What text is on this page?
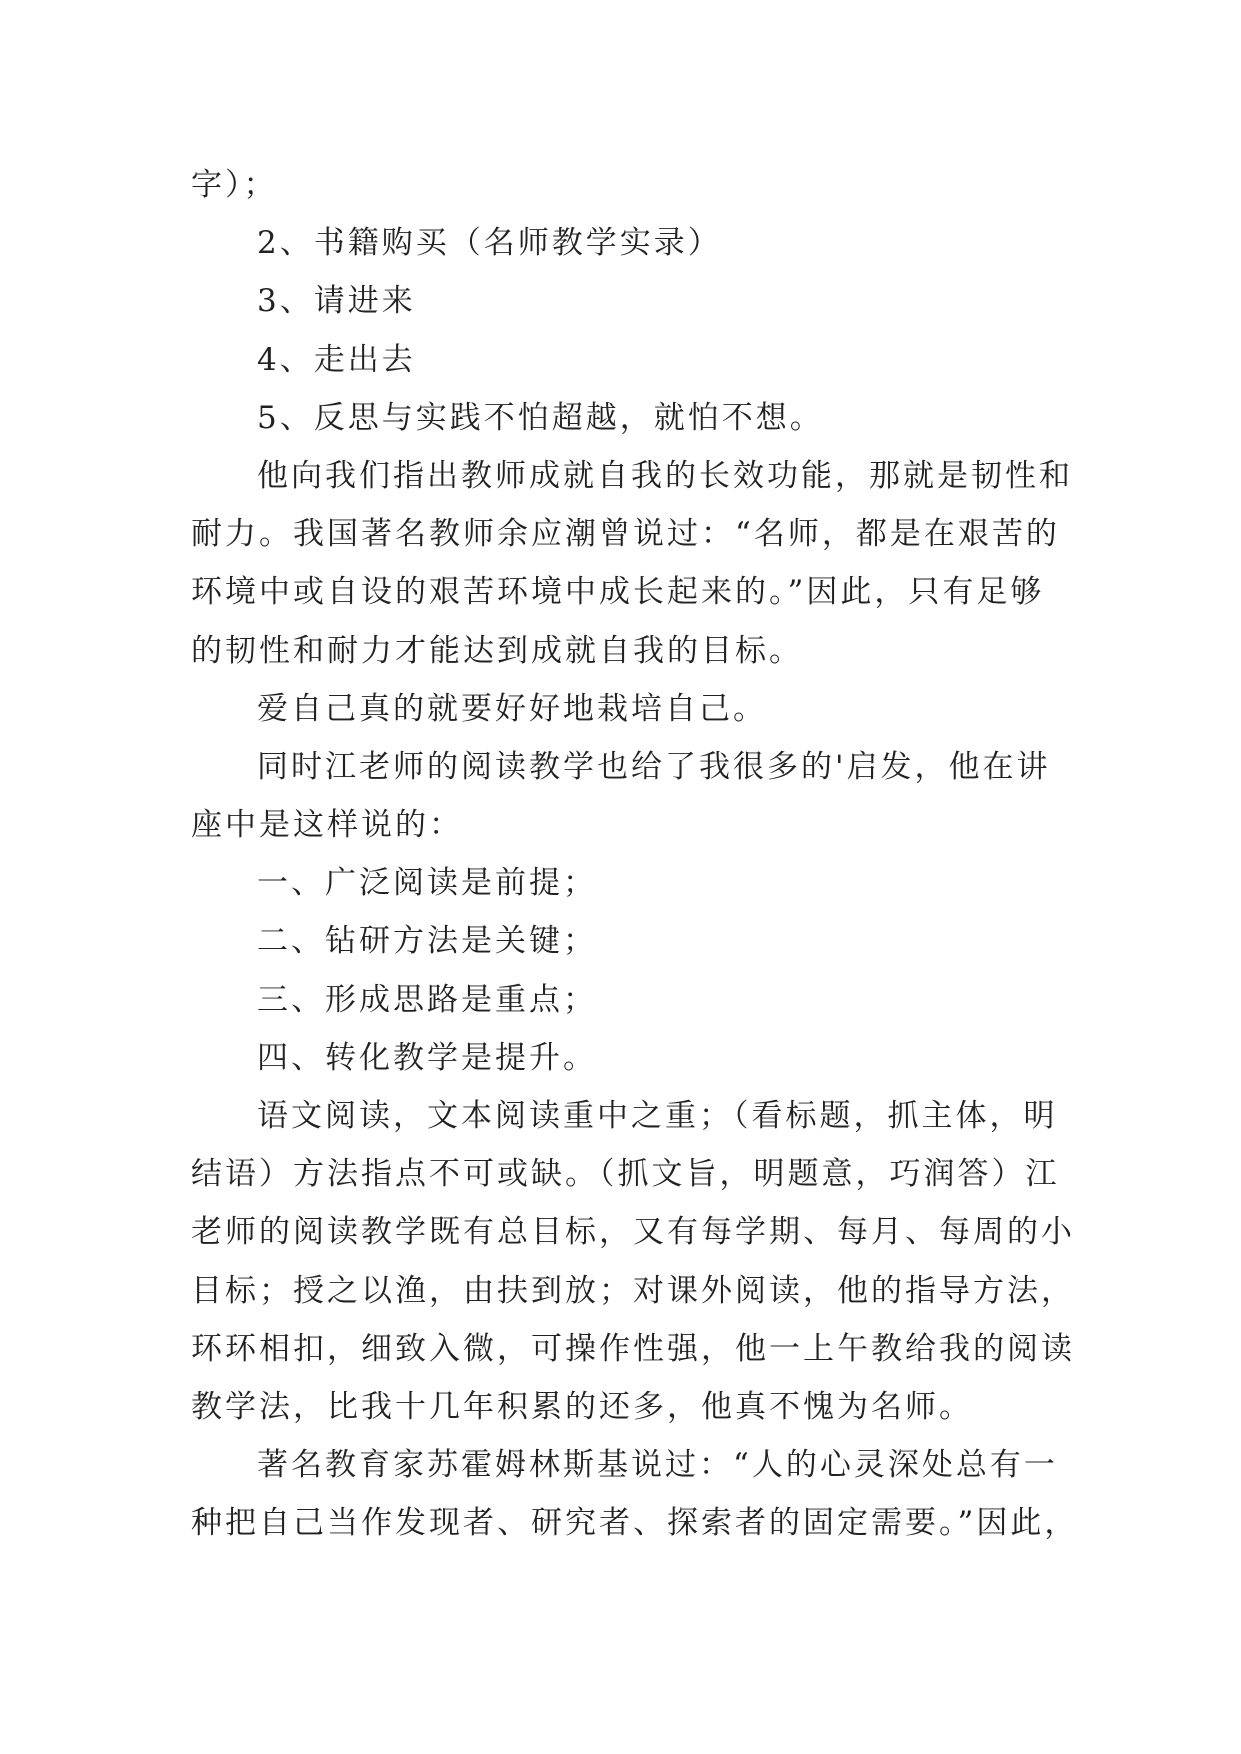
字）；
2、书籍购买（名师教学实录）
3、请进来
4、走出去
5、反思与实践不怕超越，就怕不想。
他向我们指出教师成就自我的长效功能，那就是韧性和
耐力。我国著名教师余应潮曾说过：“名师，都是在艰苦的
环境中或自设的艰苦环境中成长起来的。”因此，只有足够
的韧性和耐力才能达到成就自我的目标。
爱自己真的就要好好地栽培自己。
同时江老师的阅读教学也给了我很多的'启发，他在讲
座中是这样说的：
一、广泛阅读是前提；
二、钻研方法是关键；
三、形成思路是重点；
四、转化教学是提升。
语文阅读，文本阅读重中之重；（看标题，抓主体，明
结语）方法指点不可或缺。（抓文旨，明题意，巧润答）江
老师的阅读教学既有总目标，又有每学期、每月、每周的小
目标；授之以渔，由扶到放；对课外阅读，他的指导方法，
环环相扣，细致入微，可操作性强，他一上午教给我的阅读
教学法，比我十几年积累的还多，他真不愧为名师。
著名教育家苏霍姆林斯基说过：“人的心灵深处总有一
种把自己当作发现者、研究者、探索者的固定需要。”因此，
